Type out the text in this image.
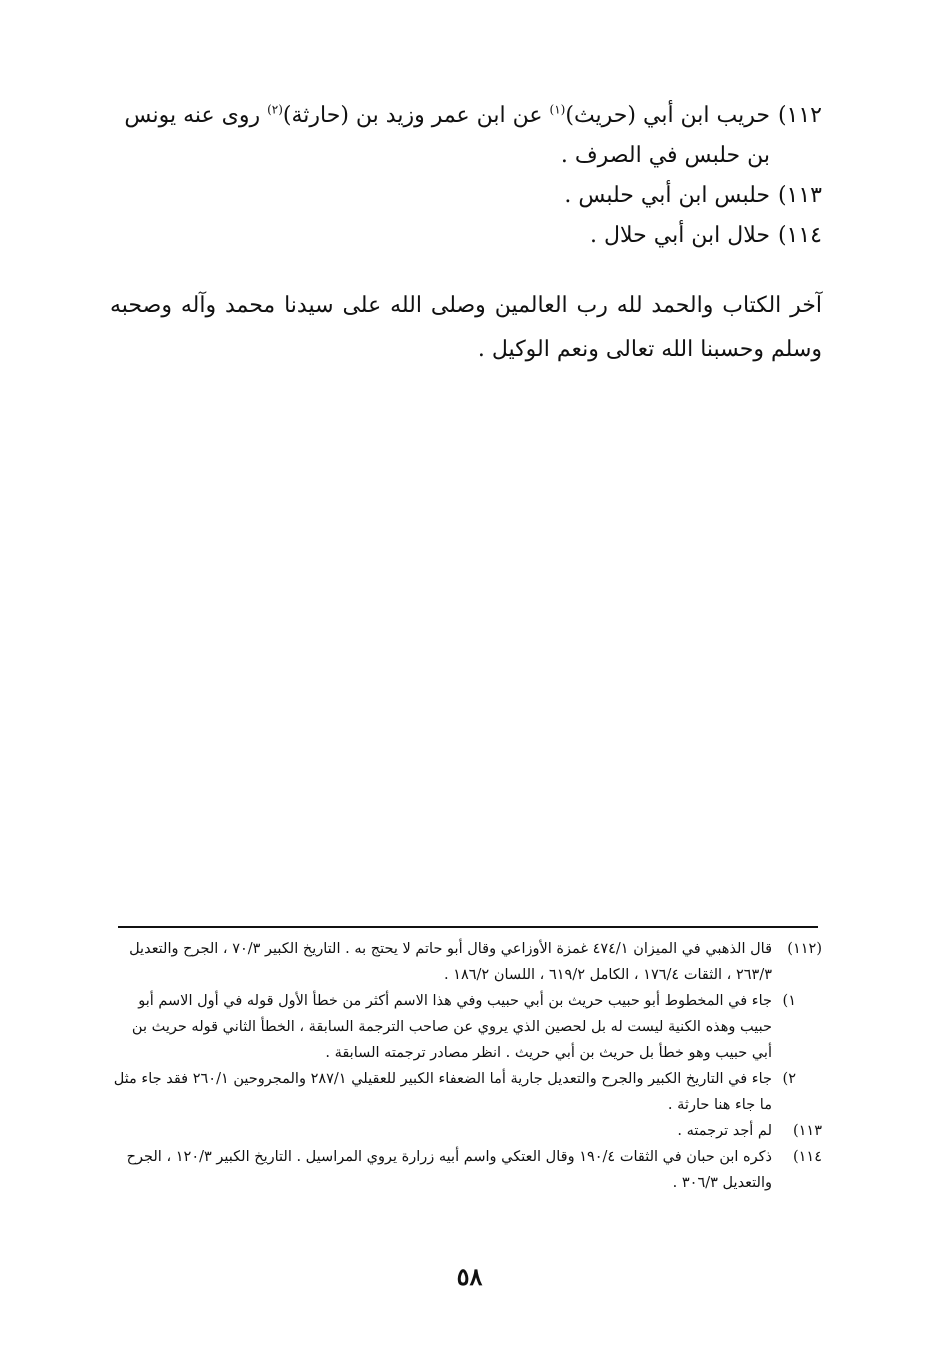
١١٢)
حريب ابن أبي (حريث)$^{(١)}$ عن ابن عمر وزيد بن (حارثة)$^{(٢)}$ روى عنه يونس بن حلبس في الصرف .
١١٣)
حلبس ابن أبي حلبس .
١١٤)
حلال ابن أبي حلال .
آخر الكتاب والحمد لله رب العالمين وصلى الله على سيدنا محمد وآله وصحبه وسلم وحسبنا الله تعالى ونعم الوكيل .
(١١٢)
قال الذهبي في الميزان ٤٧٤/١ غمزة الأوزاعي وقال أبو حاتم لا يحتج به . التاريخ الكبير ٧٠/٣ ، الجرح والتعديل ٢٦٣/٣ ، الثقات ١٧٦/٤ ، الكامل ٦١٩/٢ ، اللسان ١٨٦/٢ .
١)
جاء في المخطوط أبو حبيب حريث بن أبي حبيب وفي هذا الاسم أكثر من خطأ الأول قوله في أول الاسم أبو حبيب وهذه الكنية ليست له بل لحصين الذي يروي عن صاحب الترجمة السابقة ، الخطأ الثاني قوله حريث بن أبي حبيب وهو خطأ بل حريث بن أبي حريث . انظر مصادر ترجمته السابقة .
٢)
جاء في التاريخ الكبير والجرح والتعديل جارية أما الضعفاء الكبير للعقيلي ٢٨٧/١ والمجروحين ٢٦٠/١ فقد جاء مثل ما جاء هنا حارثة .
١١٣)
لم أجد ترجمته .
١١٤)
ذكره ابن حبان في الثقات ١٩٠/٤ وقال العتكي واسم أبيه زرارة يروي المراسيل . التاريخ الكبير ١٢٠/٣ ، الجرح والتعديل ٣٠٦/٣ .
٥٨
